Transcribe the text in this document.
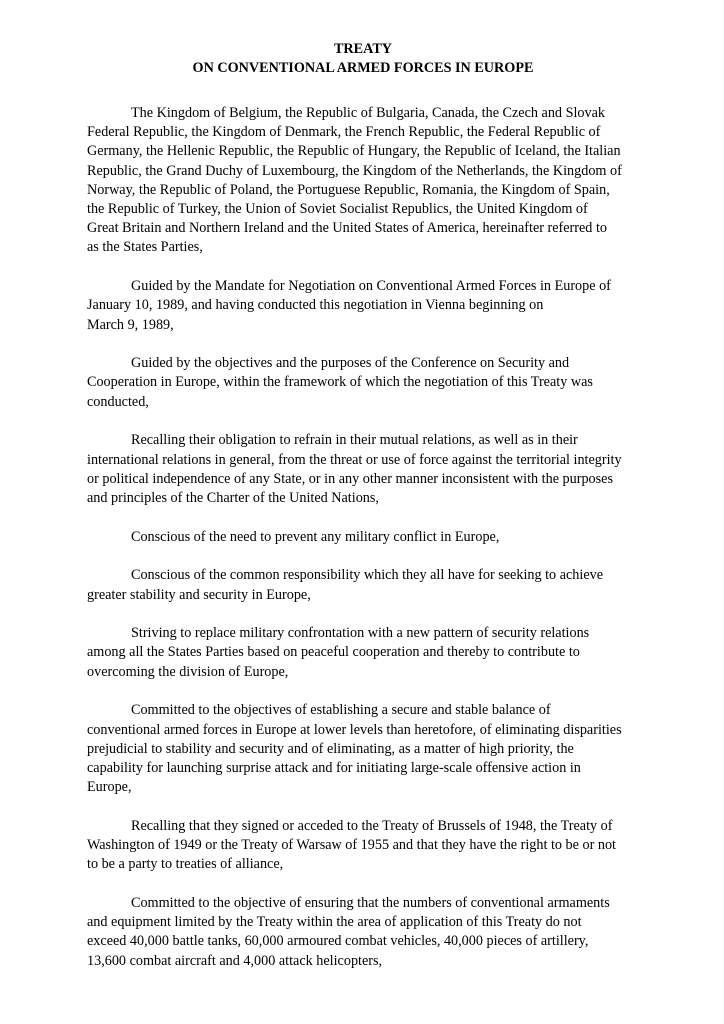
TREATY
ON CONVENTIONAL ARMED FORCES IN EUROPE
The Kingdom of Belgium, the Republic of Bulgaria, Canada, the Czech and Slovak
Federal Republic, the Kingdom of Denmark, the French Republic, the Federal Republic of
Germany, the Hellenic Republic, the Republic of Hungary, the Republic of Iceland, the Italian
Republic, the Grand Duchy of Luxembourg, the Kingdom of the Netherlands, the Kingdom of
Norway, the Republic of Poland, the Portuguese Republic, Romania, the Kingdom of Spain,
the Republic of Turkey, the Union of Soviet Socialist Republics, the United Kingdom of
Great Britain and Northern Ireland and the United States of America, hereinafter referred to
as the States Parties,
Guided by the Mandate for Negotiation on Conventional Armed Forces in Europe of
January 10, 1989, and having conducted this negotiation in Vienna beginning on
March 9, 1989,
Guided by the objectives and the purposes of the Conference on Security and
Cooperation in Europe, within the framework of which the negotiation of this Treaty was
conducted,
Recalling their obligation to refrain in their mutual relations, as well as in their
international relations in general, from the threat or use of force against the territorial integrity
or political independence of any State, or in any other manner inconsistent with the purposes
and principles of the Charter of the United Nations,
Conscious of the need to prevent any military conflict in Europe,
Conscious of the common responsibility which they all have for seeking to achieve
greater stability and security in Europe,
Striving to replace military confrontation with a new pattern of security relations
among all the States Parties based on peaceful cooperation and thereby to contribute to
overcoming the division of Europe,
Committed to the objectives of establishing a secure and stable balance of
conventional armed forces in Europe at lower levels than heretofore, of eliminating disparities
prejudicial to stability and security and of eliminating, as a matter of high priority, the
capability for launching surprise attack and for initiating large-scale offensive action in
Europe,
Recalling that they signed or acceded to the Treaty of Brussels of 1948, the Treaty of
Washington of 1949 or the Treaty of Warsaw of 1955 and that they have the right to be or not
to be a party to treaties of alliance,
Committed to the objective of ensuring that the numbers of conventional armaments
and equipment limited by the Treaty within the area of application of this Treaty do not
exceed 40,000 battle tanks, 60,000 armoured combat vehicles, 40,000 pieces of artillery,
13,600 combat aircraft and 4,000 attack helicopters,
